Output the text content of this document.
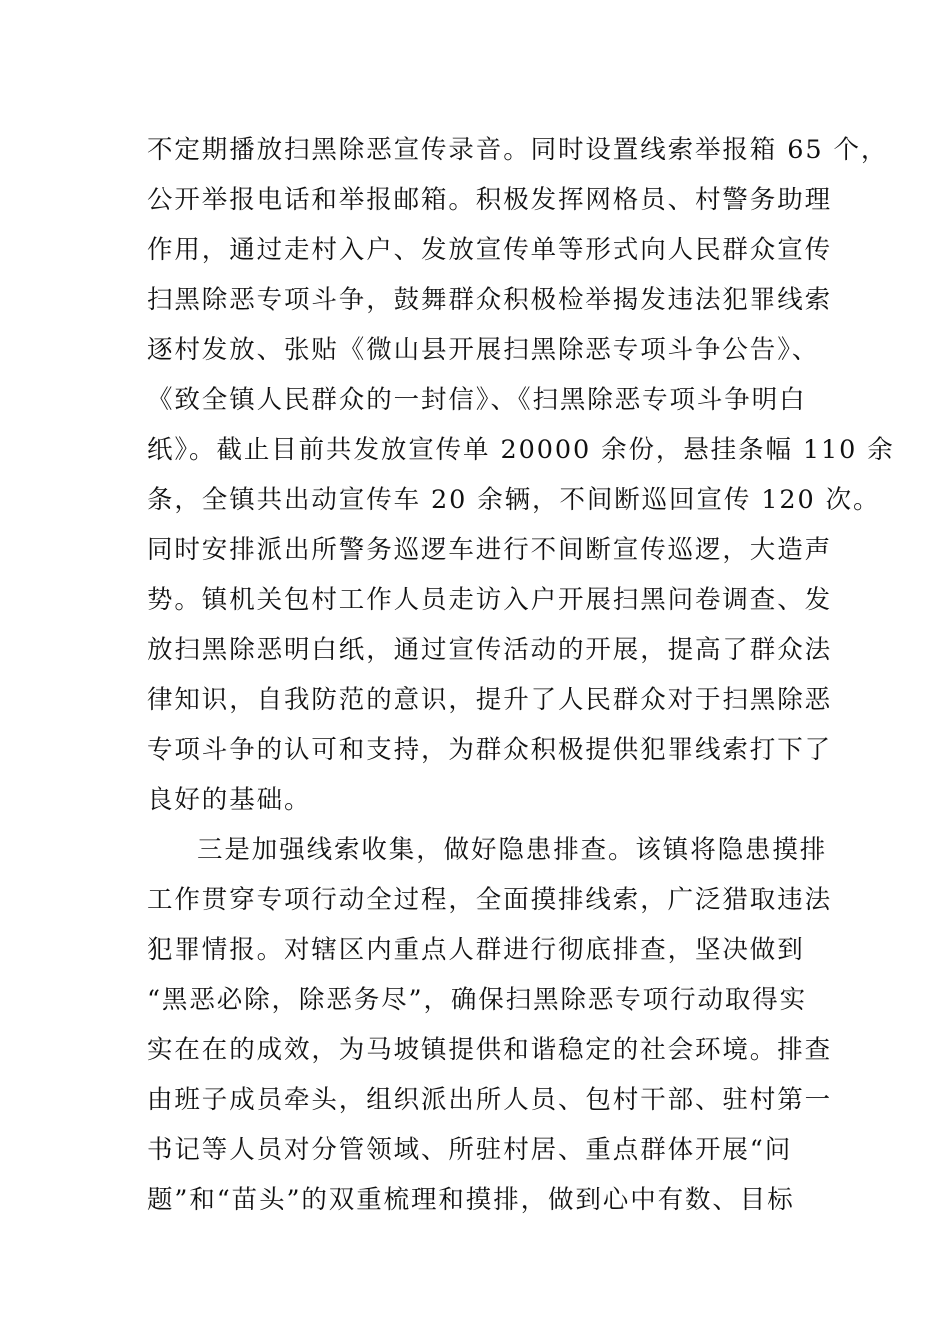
不定期播放扫黑除恶宣传录音。同时设置线索举报箱 65 个，
公开举报电话和举报邮箱。积极发挥网格员、村警务助理
作用，通过走村入户、发放宣传单等形式向人民群众宣传
扫黑除恶专项斗争，鼓舞群众积极检举揭发违法犯罪线索
逐村发放、张贴《微山县开展扫黑除恶专项斗争公告》、
《致全镇人民群众的一封信》、《扫黑除恶专项斗争明白
纸》。截止目前共发放宣传单 20000 余份，悬挂条幅 110 余
条，全镇共出动宣传车 20 余辆，不间断巡回宣传 120 次。
同时安排派出所警务巡逻车进行不间断宣传巡逻，大造声
势。镇机关包村工作人员走访入户开展扫黑问卷调查、发
放扫黑除恶明白纸，通过宣传活动的开展，提高了群众法
律知识，自我防范的意识，提升了人民群众对于扫黑除恶
专项斗争的认可和支持，为群众积极提供犯罪线索打下了
良好的基础。
三是加强线索收集，做好隐患排查。该镇将隐患摸排
工作贯穿专项行动全过程，全面摸排线索，广泛猎取违法
犯罪情报。对辖区内重点人群进行彻底排查，坚决做到
“黑恶必除，除恶务尽”，确保扫黑除恶专项行动取得实
实在在的成效，为马坡镇提供和谐稳定的社会环境。排查
由班子成员牵头，组织派出所人员、包村干部、驻村第一
书记等人员对分管领域、所驻村居、重点群体开展“问
题”和“苗头”的双重梳理和摸排，做到心中有数、目标
